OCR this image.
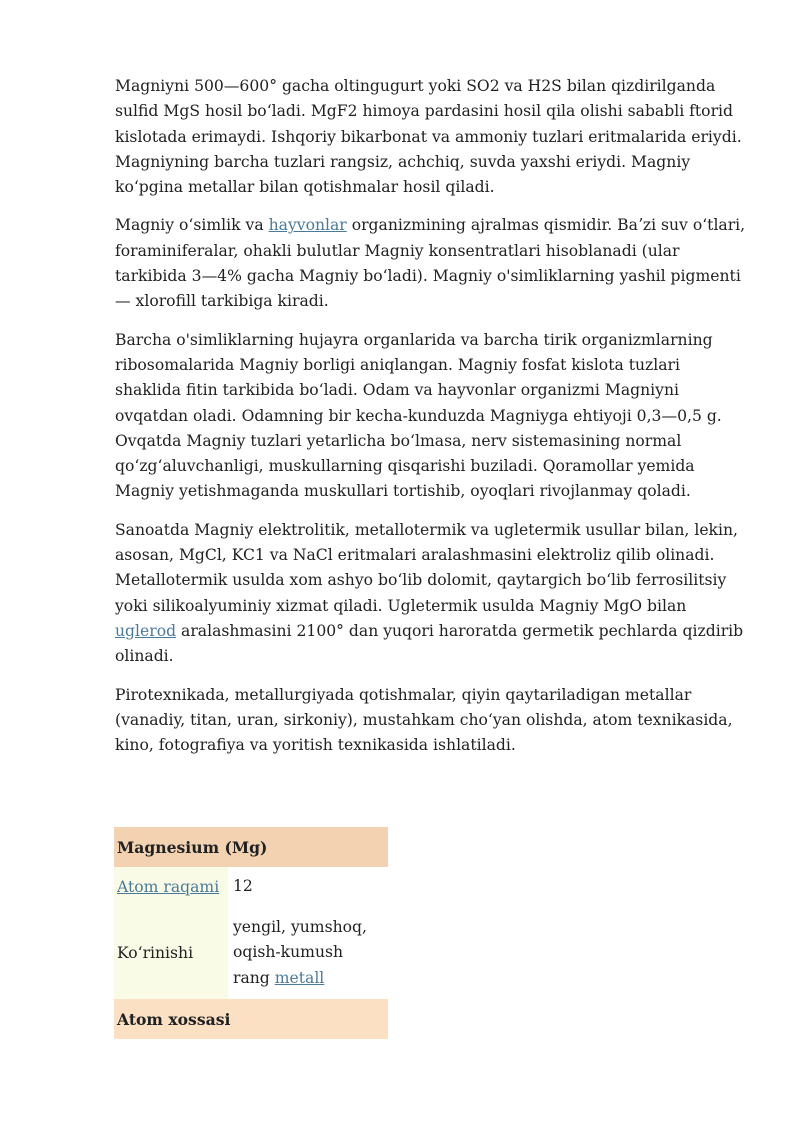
Magniyni 500—600° gacha oltingugurt yoki SO2 va H2S bilan qizdirilganda sulfid MgS hosil boʻladi. MgF2 himoya pardasini hosil qila olishi sababli ftorid kislotada erimaydi. Ishqoriy bikarbonat va ammoniy tuzlari eritmalarida eriydi. Magniyning barcha tuzlari rangsiz, achchiq, suvda yaxshi eriydi. Magniy koʻpgina metallar bilan qotishmalar hosil qiladi.

Magniy oʻsimlik va hayvonlar organizmining ajralmas qismidir. Baʼzi suv oʻtlari, foraminiferalar, ohakli bulutlar Magniy konsentratlari hisoblanadi (ular tarkibida 3—4% gacha Magniy boʻladi). Magniy o'simliklarning yashil pigmenti — xlorofill tarkibiga kiradi.

Barcha o'simliklarning hujayra organlarida va barcha tirik organizmlarning ribosomalarida Magniy borligi aniqlangan. Magniy fosfat kislota tuzlari shaklida fitin tarkibida boʻladi. Odam va hayvonlar organizmi Magniyni ovqatdan oladi. Odamning bir kecha-kunduzda Magniyga ehtiyoji 0,3—0,5 g. Ovqatda Magniy tuzlari yetarlicha boʻlmasa, nerv sistemasining normal qoʻzgʻaluvchanligi, muskullarning qisqarishi buziladi. Qoramollar yemida Magniy yetishmaganda muskullari tortishib, oyoqlari rivojlanmay qoladi.

Sanoatda Magniy elektrolitik, metallotermik va ugletermik usullar bilan, lekin, asosan, MgCl, KC1 va NaCl eritmalari aralashmasini elektroliz qilib olinadi. Metallotermik usulda xom ashyo boʻlib dolomit, qaytargich boʻlib ferrosilitsiy yoki silikoalyuminiy xizmat qiladi. Ugletermik usulda Magniy MgO bilan uglerod aralashmasini 2100° dan yuqori haroratda germetik pechlarda qizdirib olinadi.

Pirotexnikada, metallurgiyada qotishmalar, qiyin qaytariladigan metallar (vanadiy, titan, uran, sirkoniy), mustahkam choʻyan olishda, atom texnikasida, kino, fotografiya va yoritish texnikasida ishlatiladi.

Magnesium (Mg)	
Atom raqami	12
Koʻrinishi	yengil, yumshoq,
oqish-kumush
rang metall
Atom xossasi	
